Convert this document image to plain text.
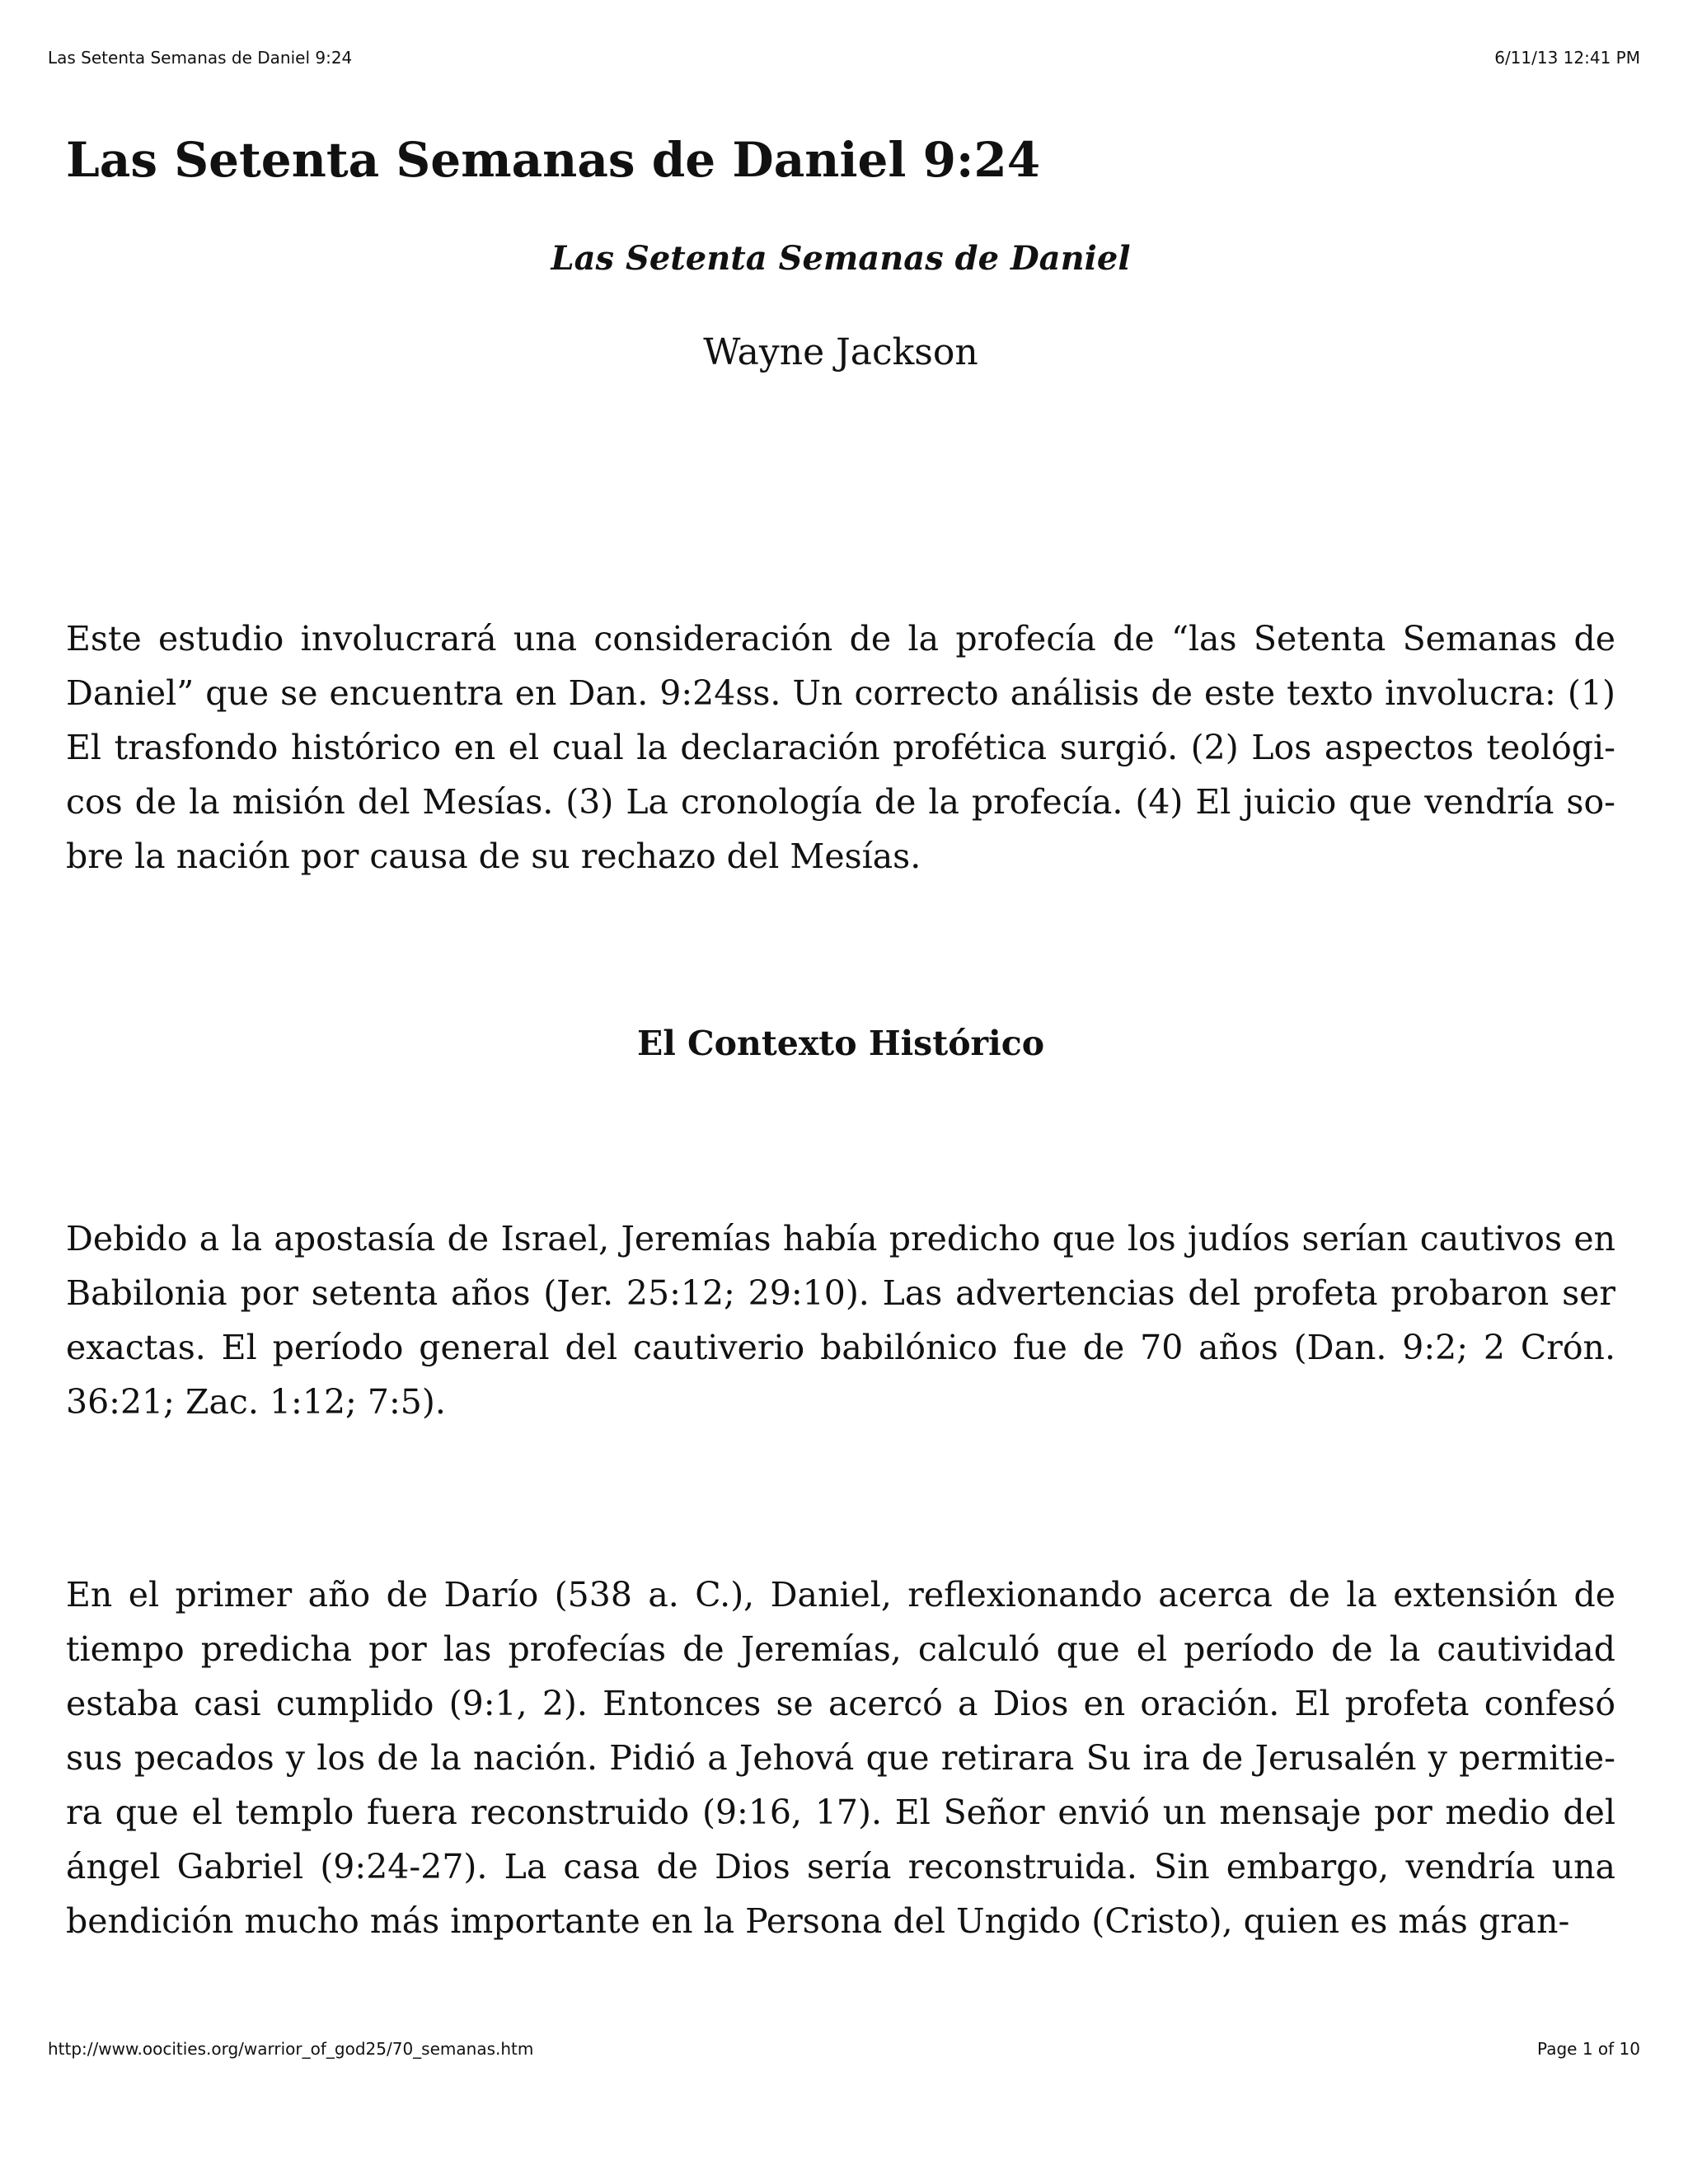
Las Setenta Semanas de Daniel 9:24	6/11/13 12:41 PM
Las Setenta Semanas de Daniel 9:24

Las Setenta Semanas de Daniel

Wayne Jackson

Este estudio involucrará una consideración de la profecía de “las Setenta Semanas de Daniel” que se encuentra en Dan. 9:24ss. Un correcto análisis de este texto involucra: (1) El trasfondo histórico en el cual la declaración profética surgió. (2) Los aspectos teológicos de la misión del Mesías. (3) La cronología de la profecía. (4) El juicio que vendría sobre la nación por causa de su rechazo del Mesías.

El Contexto Histórico

Debido a la apostasía de Israel, Jeremías había predicho que los judíos serían cautivos en Babilonia por setenta años (Jer. 25:12; 29:10). Las advertencias del profeta probaron ser exactas. El período general del cautiverio babilónico fue de 70 años (Dan. 9:2; 2 Crón. 36:21; Zac. 1:12; 7:5).

En el primer año de Darío (538 a. C.), Daniel, reflexionando acerca de la extensión de tiempo predicha por las profecías de Jeremías, calculó que el período de la cautividad estaba casi cumplido (9:1, 2). Entonces se acercó a Dios en oración. El profeta confesó sus pecados y los de la nación. Pidió a Jehová que retirara Su ira de Jerusalén y permitiera que el templo fuera reconstruido (9:16, 17). El Señor envió un mensaje por medio del ángel Gabriel (9:24-27). La casa de Dios sería reconstruida. Sin embargo, vendría una bendición mucho más importante en la Persona del Ungido (Cristo), quien es más gran-

http://www.oocities.org/warrior_of_god25/70_semanas.htm	Page 1 of 10
